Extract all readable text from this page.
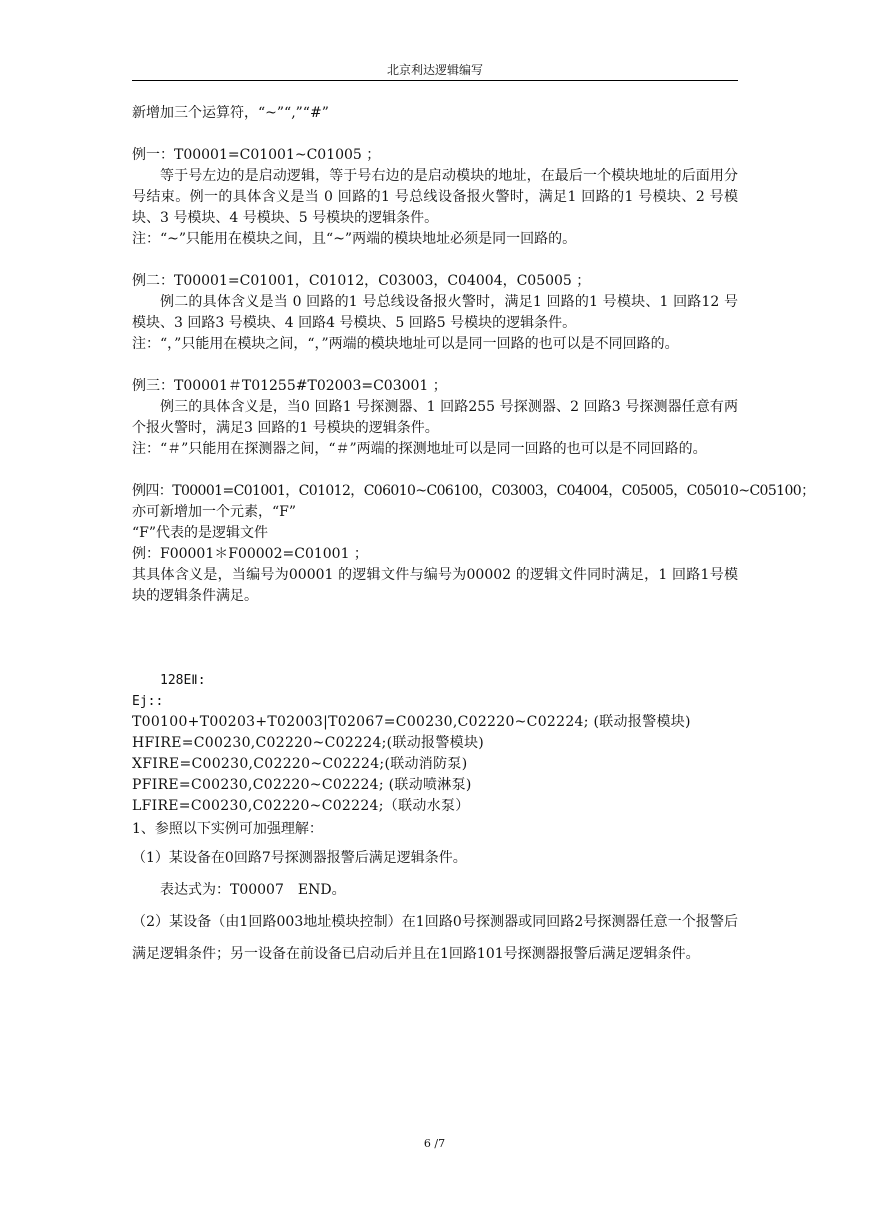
北京利达逻辑编写

新增加三个运算符，“~”“,”“#”

例一：T00001=C01001~C01005 ；

等于号左边的是启动逻辑，等于号右边的是启动模块的地址，在最后一个模块地址的后面用分号结束。例一的具体含义是当 0 回路的1 号总线设备报火警时，满足1 回路的1 号模块、2 号模块、3 号模块、4 号模块、5 号模块的逻辑条件。

注：“~”只能用在模块之间，且“~”两端的模块地址必须是同一回路的。

例二：T00001=C01001，C01012，C03003，C04004，C05005 ；

例二的具体含义是当 0 回路的1 号总线设备报火警时，满足1 回路的1 号模块、1 回路12 号模块、3 回路3 号模块、4 回路4 号模块、5 回路5 号模块的逻辑条件。

注：“，”只能用在模块之间，“，”两端的模块地址可以是同一回路的也可以是不同回路的。

例三：T00001＃T01255#T02003=C03001 ；

例三的具体含义是，当0 回路1 号探测器、1 回路255 号探测器、2 回路3 号探测器任意有两个报火警时，满足3 回路的1 号模块的逻辑条件。

注：“＃”只能用在探测器之间，“＃”两端的探测地址可以是同一回路的也可以是不同回路的。

例四：T00001=C01001，C01012，C06010~C06100，C03003，C04004，C05005，C05010~C05100；

亦可新增加一个元素，“F”

“F”代表的是逻辑文件

例：F00001＊F00002=C01001 ；

其具体含义是，当编号为00001 的逻辑文件与编号为00002 的逻辑文件同时满足，1 回路1号模块的逻辑条件满足。

128EⅡ:

Ej::

T00100+T00203+T02003|T02067=C00230,C02220~C02224; (联动报警模块)

HFIRE=C00230,C02220~C02224;(联动报警模块)

XFIRE=C00230,C02220~C02224;(联动消防泵)

PFIRE=C00230,C02220~C02224; (联动喷淋泵)

LFIRE=C00230,C02220~C02224;（联动水泵）

1、参照以下实例可加强理解：

（1）某设备在0回路7号探测器报警后满足逻辑条件。

表达式为：T00007　END。

（2）某设备（由1回路003地址模块控制）在1回路0号探测器或同回路2号探测器任意一个报警后满足逻辑条件；另一设备在前设备已启动后并且在1回路101号探测器报警后满足逻辑条件。

6 /7
